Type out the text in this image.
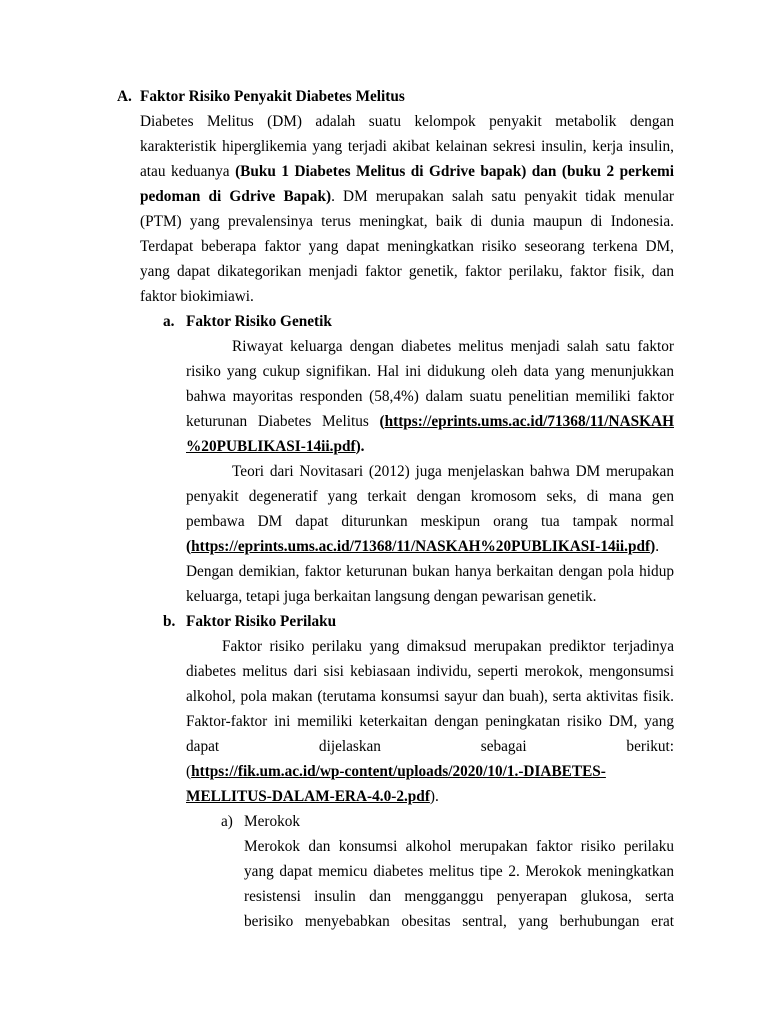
A. Faktor Risiko Penyakit Diabetes Melitus
Diabetes Melitus (DM) adalah suatu kelompok penyakit metabolik dengan
karakteristik hiperglikemia yang terjadi akibat kelainan sekresi insulin, kerja insulin,
atau keduanya (Buku 1 Diabetes Melitus di Gdrive bapak) dan (buku 2 perkemi
pedoman di Gdrive Bapak). DM merupakan salah satu penyakit tidak menular
(PTM) yang prevalensinya terus meningkat, baik di dunia maupun di Indonesia.
Terdapat beberapa faktor yang dapat meningkatkan risiko seseorang terkena DM,
yang dapat dikategorikan menjadi faktor genetik, faktor perilaku, faktor fisik, dan
faktor biokimiawi.
a. Faktor Risiko Genetik
Riwayat keluarga dengan diabetes melitus menjadi salah satu faktor
risiko yang cukup signifikan. Hal ini didukung oleh data yang menunjukkan
bahwa mayoritas responden (58,4%) dalam suatu penelitian memiliki faktor
keturunan Diabetes Melitus (https://eprints.ums.ac.id/71368/11/NASKAH
%20PUBLIKASI-14ii.pdf).
Teori dari Novitasari (2012) juga menjelaskan bahwa DM merupakan
penyakit degeneratif yang terkait dengan kromosom seks, di mana gen
pembawa DM dapat diturunkan meskipun orang tua tampak normal
(https://eprints.ums.ac.id/71368/11/NASKAH%20PUBLIKASI-14ii.pdf).
Dengan demikian, faktor keturunan bukan hanya berkaitan dengan pola hidup
keluarga, tetapi juga berkaitan langsung dengan pewarisan genetik.
b. Faktor Risiko Perilaku
Faktor risiko perilaku yang dimaksud merupakan prediktor terjadinya
diabetes melitus dari sisi kebiasaan individu, seperti merokok, mengonsumsi
alkohol, pola makan (terutama konsumsi sayur dan buah), serta aktivitas fisik.
Faktor-faktor ini memiliki keterkaitan dengan peningkatan risiko DM, yang
dapat dijelaskan sebagai berikut:
(https://fik.um.ac.id/wp-content/uploads/2020/10/1.-DIABETES-
MELLITUS-DALAM-ERA-4.0-2.pdf).
a) Merokok
Merokok dan konsumsi alkohol merupakan faktor risiko perilaku
yang dapat memicu diabetes melitus tipe 2. Merokok meningkatkan
resistensi insulin dan mengganggu penyerapan glukosa, serta
berisiko menyebabkan obesitas sentral, yang berhubungan erat
